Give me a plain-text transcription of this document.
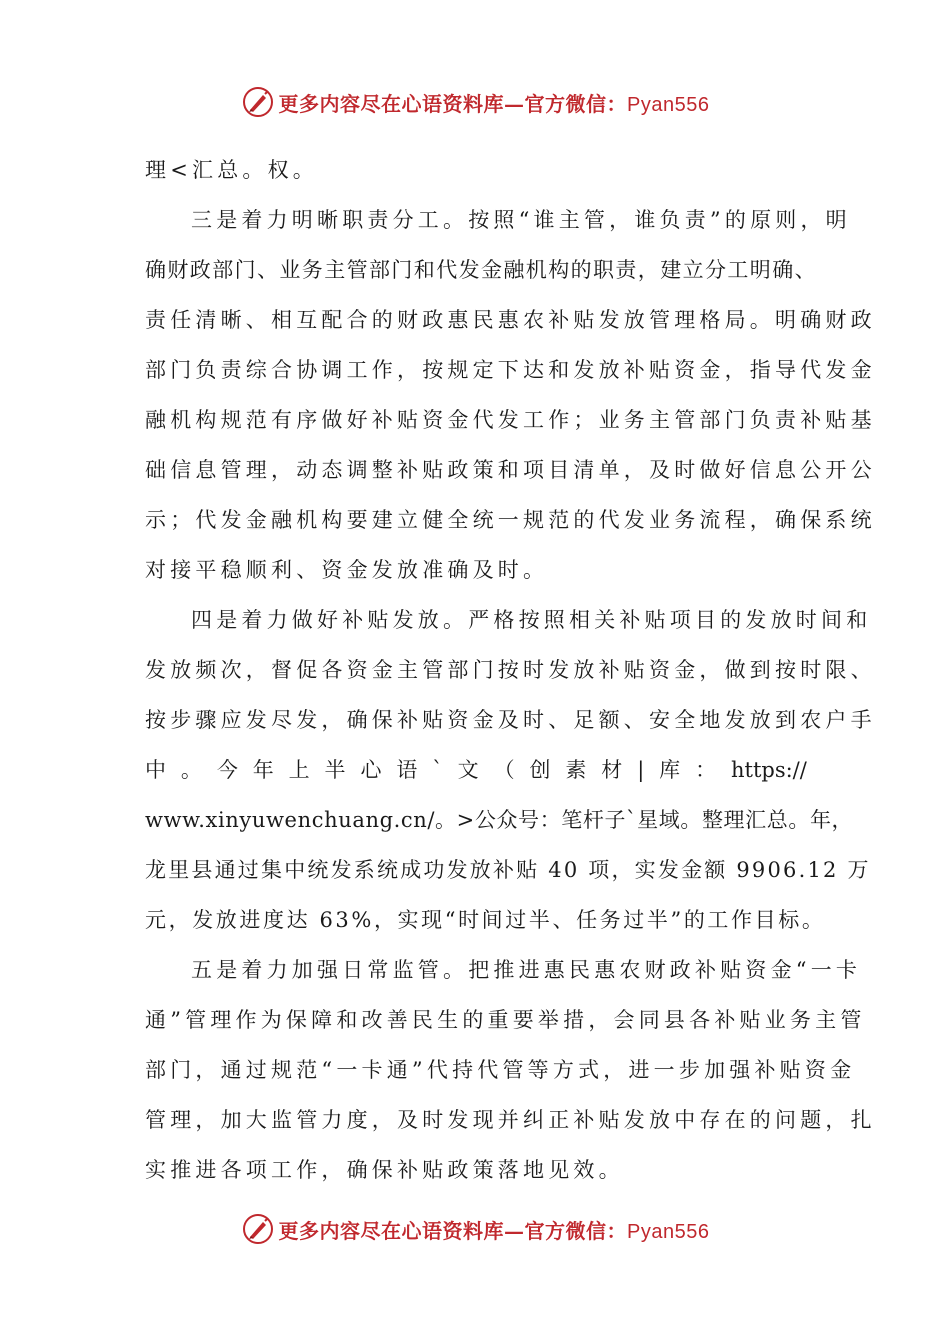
更多内容尽在心语资料库—官方微信：Pyan556
理<汇总。权。
三是着力明晰职责分工。按照“谁主管，谁负责”的原则，明
确财政部门、业务主管部门和代发金融机构的职责，建立分工明确、
责任清晰、相互配合的财政惠民惠农补贴发放管理格局。明确财政
部门负责综合协调工作，按规定下达和发放补贴资金，指导代发金
融机构规范有序做好补贴资金代发工作；业务主管部门负责补贴基
础信息管理，动态调整补贴政策和项目清单，及时做好信息公开公
示；代发金融机构要建立健全统一规范的代发业务流程，确保系统
对接平稳顺利、资金发放准确及时。
四是着力做好补贴发放。严格按照相关补贴项目的发放时间和
发放频次，督促各资金主管部门按时发放补贴资金，做到按时限、
按步骤应发尽发，确保补贴资金及时、足额、安全地发放到农户手
中 。 今 年 上 半 心 语 ` 文 （ 创 素 材 | 库 ： https://
www.xinyuwenchuang.cn/。>公众号：笔杆子`星域。整理汇总。年，
龙里县通过集中统发系统成功发放补贴 40 项，实发金额 9906.12 万
元，发放进度达 63%，实现“时间过半、任务过半”的工作目标。
五是着力加强日常监管。把推进惠民惠农财政补贴资金“一卡
通”管理作为保障和改善民生的重要举措，会同县各补贴业务主管
部门，通过规范“一卡通”代持代管等方式，进一步加强补贴资金
管理，加大监管力度，及时发现并纠正补贴发放中存在的问题，扎
实推进各项工作，确保补贴政策落地见效。
更多内容尽在心语资料库—官方微信：Pyan556
